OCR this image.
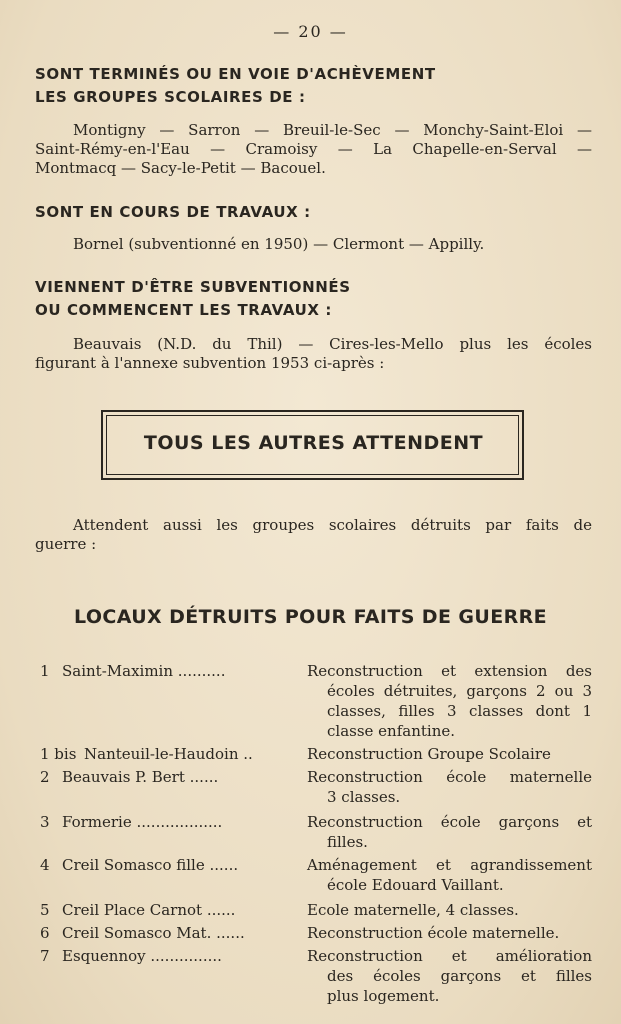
— 20 —
SONT TERMINÉS OU EN VOIE D'ACHÈVEMENT
LES GROUPES SCOLAIRES DE :
Montigny — Sarron — Breuil-le-Sec — Monchy-Saint-Eloi —
Saint-Rémy-en-l'Eau — Cramoisy — La Chapelle-en-Serval —
Montmacq — Sacy-le-Petit — Bacouel.
SONT EN COURS DE TRAVAUX :
Bornel (subventionné en 1950) — Clermont — Appilly.
VIENNENT D'ÊTRE SUBVENTIONNÉS
OU COMMENCENT LES TRAVAUX :
Beauvais (N.D. du Thil) — Cires-les-Mello plus les écoles
figurant à l'annexe subvention 1953 ci-après :
TOUS LES AUTRES ATTENDENT
Attendent aussi les groupes scolaires détruits par faits de
guerre :
LOCAUX DÉTRUITS POUR FAITS DE GUERRE
1 Saint-Maximin ..........	Reconstruction et extension des
écoles détruites, garçons 2 ou 3
classes, filles 3 classes dont 1
classe enfantine.
1 bis Nanteuil-le-Haudoin ..	Reconstruction Groupe Scolaire
2 Beauvais P. Bert ......	Reconstruction école maternelle
3 classes.
3 Formerie ..................	Reconstruction école garçons et
filles.
4 Creil Somasco fille ......	Aménagement et agrandissement
école Edouard Vaillant.
5 Creil Place Carnot ......	Ecole maternelle, 4 classes.
6 Creil Somasco Mat. ......	Reconstruction école maternelle.
7 Esquennoy ...............	Reconstruction et amélioration
des écoles garçons et filles
plus logement.
